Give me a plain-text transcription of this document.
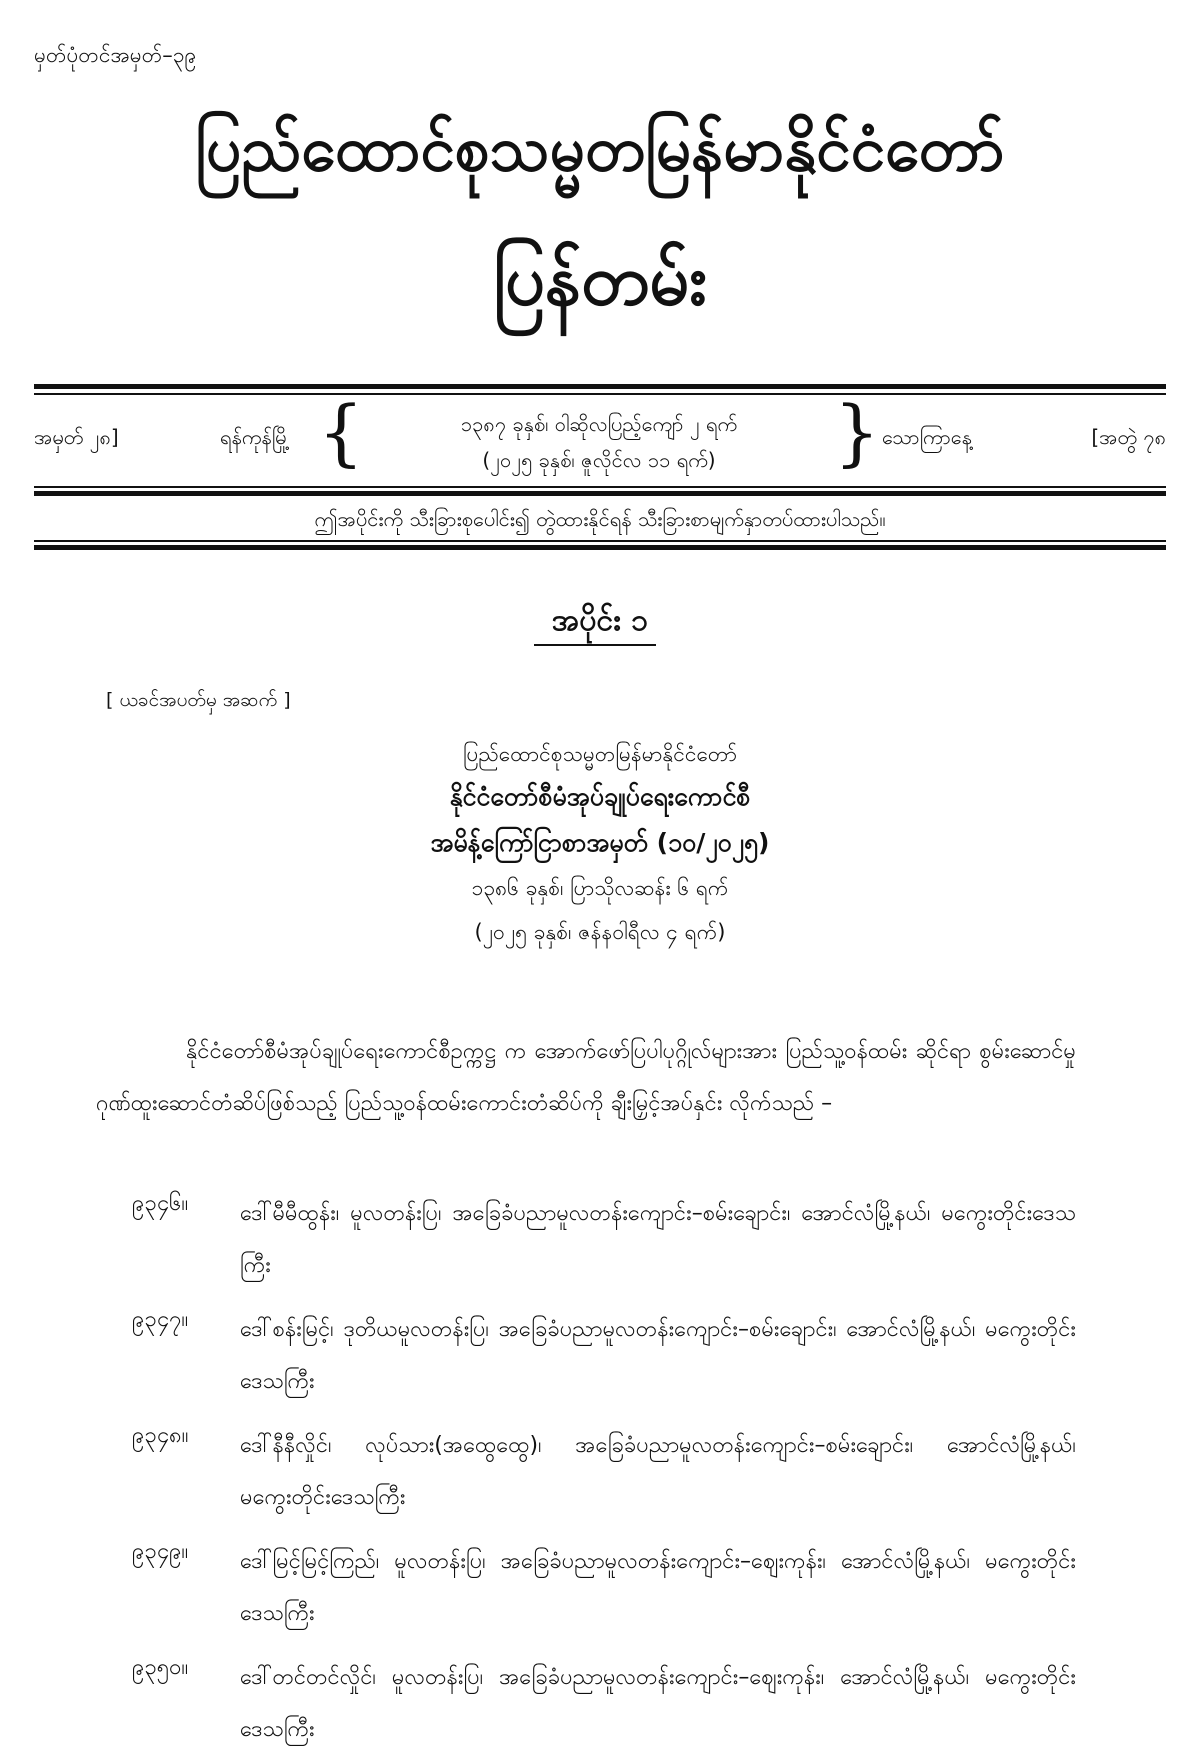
မှတ်ပုံတင်အမှတ်–၃၉
ပြည်ထောင်စုသမ္မတမြန်မာနိုင်ငံတော်
ပြန်တမ်း
အမှတ် ၂၈]	ရန်ကုန်မြို့ {	၁၃၈၇ ခုနှစ်၊ ဝါဆိုလပြည့်ကျော် ၂ ရက်
(၂၀၂၅ ခုနှစ်၊ ဇူလိုင်လ ၁၁ ရက်)	} သောကြာနေ့	[အတွဲ ၇၈
ဤအပိုင်းကို သီးခြားစုပေါင်း၍ တွဲထားနိုင်ရန် သီးခြားစာမျက်နှာတပ်ထားပါသည်။
အပိုင်း ၁
[ ယခင်အပတ်မှ အဆက် ]
ပြည်ထောင်စုသမ္မတမြန်မာနိုင်ငံတော်
နိုင်ငံတော်စီမံအုပ်ချုပ်ရေးကောင်စီ
အမိန့်ကြော်ငြာစာအမှတ် (၁၀/၂၀၂၅)
၁၃၈၆ ခုနှစ်၊ ပြာသိုလဆန်း ၆ ရက်
(၂၀၂၅ ခုနှစ်၊ ဇန်နဝါရီလ ၄ ရက်)
နိုင်ငံတော်စီမံအုပ်ချုပ်ရေးကောင်စီဥက္ကဋ္ဌ က အောက်ဖော်ပြပါပုဂ္ဂိုလ်များအား ပြည်သူ့ဝန်ထမ်း ဆိုင်ရာ စွမ်းဆောင်မှုဂုဏ်ထူးဆောင်တံဆိပ်ဖြစ်သည့် ပြည်သူ့ဝန်ထမ်းကောင်းတံဆိပ်ကို ချီးမြှင့်အပ်နှင်း လိုက်သည် –
၉၃၄၆။ ဒေါ်မီမီထွန်း၊ မူလတန်းပြ၊ အခြေခံပညာမူလတန်းကျောင်း–စမ်းချောင်း၊ အောင်လံမြို့နယ်၊ မကွေးတိုင်းဒေသကြီး
၉၃၄၇။ ဒေါ်စန်းမြင့်၊ ဒုတိယမူလတန်းပြ၊ အခြေခံပညာမူလတန်းကျောင်း–စမ်းချောင်း၊ အောင်လံမြို့နယ်၊ မကွေးတိုင်းဒေသကြီး
၉၃၄၈။ ဒေါ်နီနီလှိုင်၊ လုပ်သား(အထွေထွေ)၊ အခြေခံပညာမူလတန်းကျောင်း–စမ်းချောင်း၊ အောင်လံမြို့နယ်၊ မကွေးတိုင်းဒေသကြီး
၉၃၄၉။ ဒေါ်မြင့်မြင့်ကြည်၊ မူလတန်းပြ၊ အခြေခံပညာမူလတန်းကျောင်း–ဈေးကုန်း၊ အောင်လံမြို့နယ်၊ မကွေးတိုင်းဒေသကြီး
၉၃၅၀။ ဒေါ်တင်တင်လှိုင်၊ မူလတန်းပြ၊ အခြေခံပညာမူလတန်းကျောင်း–ဈေးကုန်း၊ အောင်လံမြို့နယ်၊ မကွေးတိုင်းဒေသကြီး
